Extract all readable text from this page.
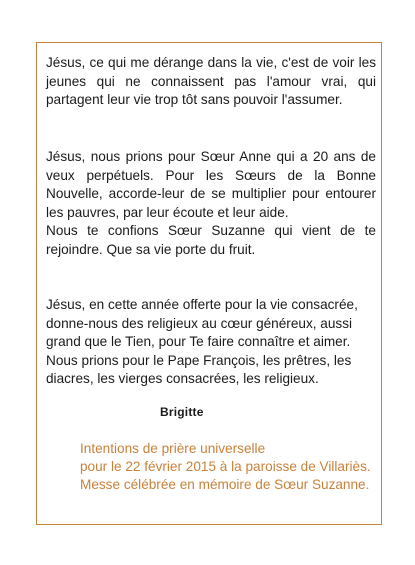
Jésus, ce qui me dérange dans la vie, c'est de voir les
jeunes qui ne connaissent pas l'amour vrai, qui
partagent leur vie trop tôt sans pouvoir l'assumer.
Jésus, nous prions pour Sœur Anne qui a 20 ans de
veux perpétuels. Pour les Sœurs de la Bonne
Nouvelle, accorde-leur de se multiplier pour entourer
les pauvres, par leur écoute et leur aide.
Nous te confions Sœur Suzanne qui vient de te
rejoindre. Que sa vie porte du fruit.
Jésus, en cette année offerte pour la vie consacrée,
donne-nous des religieux au cœur généreux, aussi
grand que le Tien, pour Te faire connaître et aimer.
Nous prions pour le Pape François, les prêtres, les
diacres, les vierges consacrées, les religieux.
Brigitte
Intentions de prière universelle
pour le 22 février 2015 à la paroisse de Villariès.
Messe célébrée en mémoire de Sœur Suzanne.
